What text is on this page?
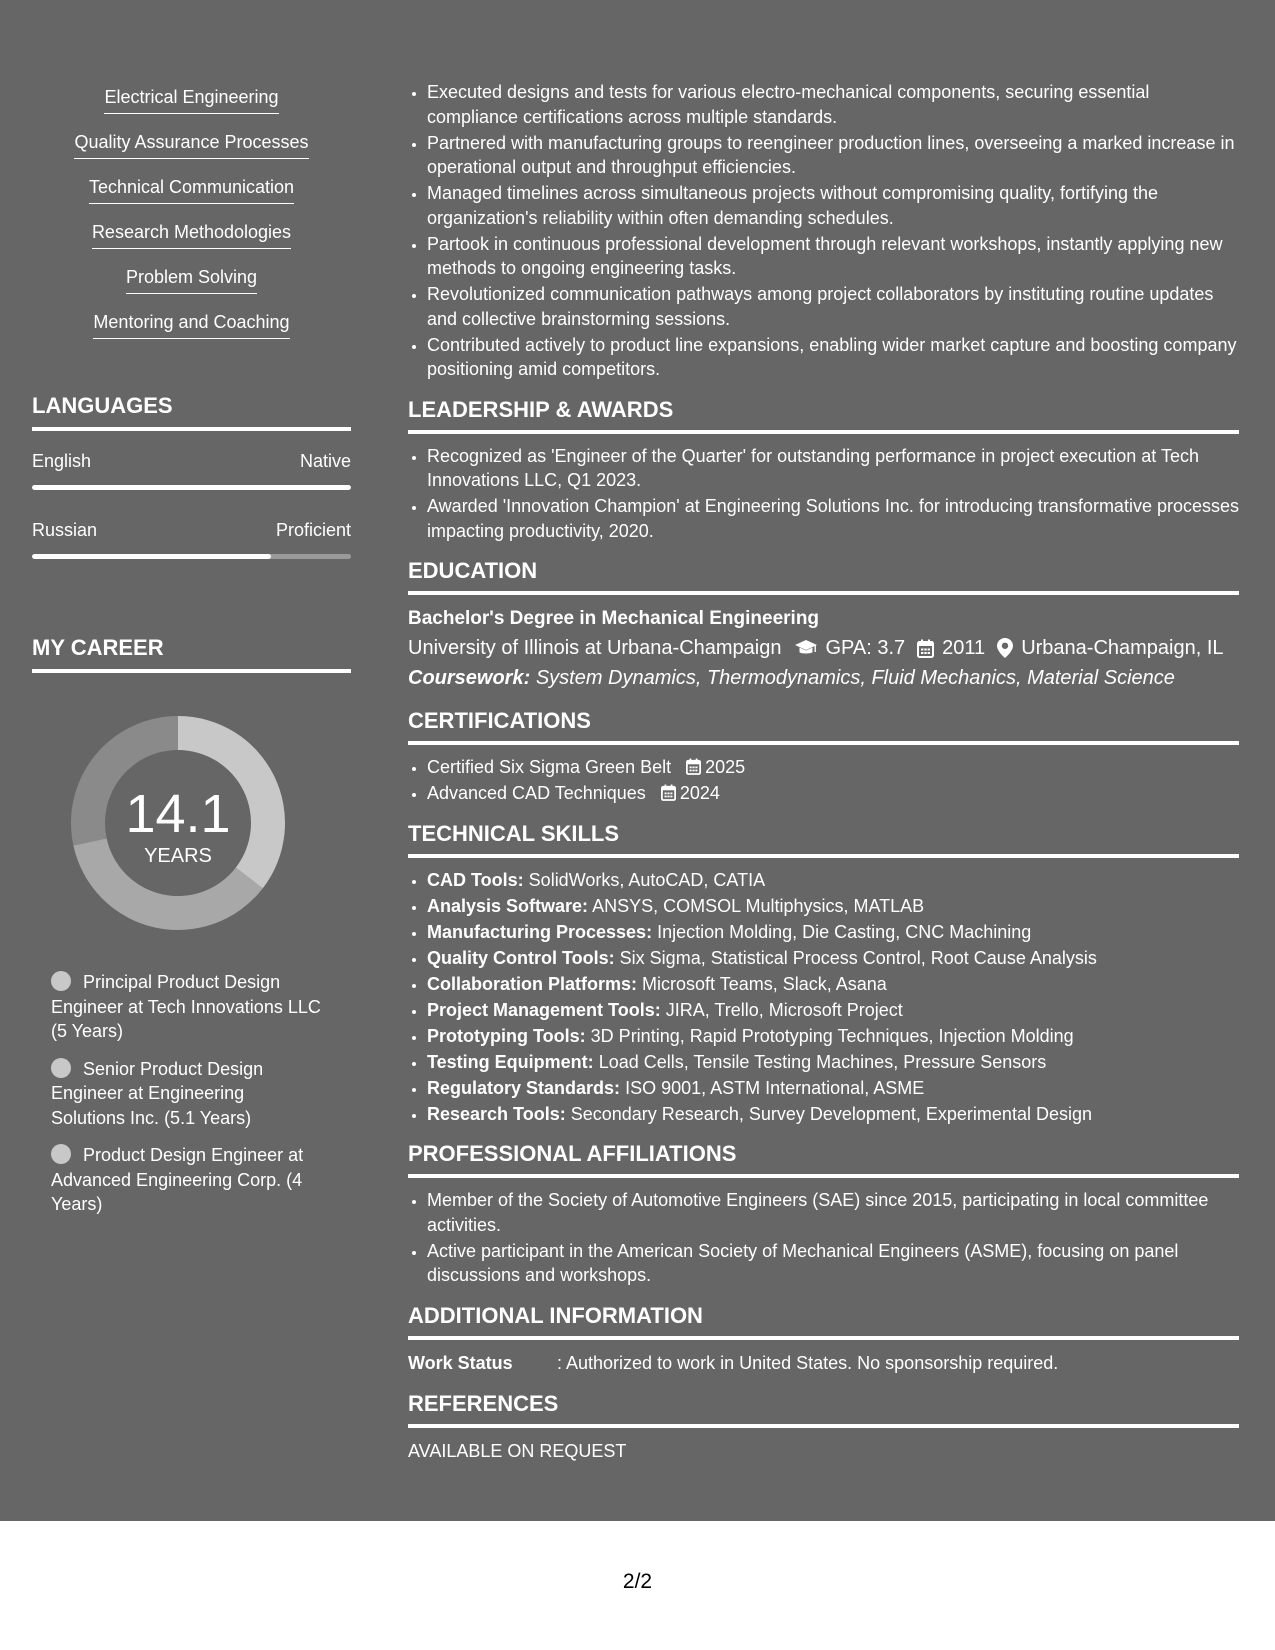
Electrical Engineering
Quality Assurance Processes
Technical Communication
Research Methodologies
Problem Solving
Mentoring and Coaching
LANGUAGES
English	Native
Russian	Proficient
MY CAREER
14.1
YEARS
Principal Product Design Engineer at Tech Innovations LLC (5 Years)
Senior Product Design Engineer at Engineering Solutions Inc. (5.1 Years)
Product Design Engineer at Advanced Engineering Corp. (4 Years)
• Executed designs and tests for various electro-mechanical components, securing essential compliance certifications across multiple standards.
• Partnered with manufacturing groups to reengineer production lines, overseeing a marked increase in operational output and throughput efficiencies.
• Managed timelines across simultaneous projects without compromising quality, fortifying the organization's reliability within often demanding schedules.
• Partook in continuous professional development through relevant workshops, instantly applying new methods to ongoing engineering tasks.
• Revolutionized communication pathways among project collaborators by instituting routine updates and collective brainstorming sessions.
• Contributed actively to product line expansions, enabling wider market capture and boosting company positioning amid competitors.
LEADERSHIP & AWARDS
• Recognized as 'Engineer of the Quarter' for outstanding performance in project execution at Tech Innovations LLC, Q1 2023.
• Awarded 'Innovation Champion' at Engineering Solutions Inc. for introducing transformative processes impacting productivity, 2020.
EDUCATION
Bachelor's Degree in Mechanical Engineering
University of Illinois at Urbana-Champaign GPA: 3.7 2011 Urbana-Champaign, IL
Coursework: System Dynamics, Thermodynamics, Fluid Mechanics, Material Science
CERTIFICATIONS
• Certified Six Sigma Green Belt 2025
• Advanced CAD Techniques 2024
TECHNICAL SKILLS
• CAD Tools: SolidWorks, AutoCAD, CATIA
• Analysis Software: ANSYS, COMSOL Multiphysics, MATLAB
• Manufacturing Processes: Injection Molding, Die Casting, CNC Machining
• Quality Control Tools: Six Sigma, Statistical Process Control, Root Cause Analysis
• Collaboration Platforms: Microsoft Teams, Slack, Asana
• Project Management Tools: JIRA, Trello, Microsoft Project
• Prototyping Tools: 3D Printing, Rapid Prototyping Techniques, Injection Molding
• Testing Equipment: Load Cells, Tensile Testing Machines, Pressure Sensors
• Regulatory Standards: ISO 9001, ASTM International, ASME
• Research Tools: Secondary Research, Survey Development, Experimental Design
PROFESSIONAL AFFILIATIONS
• Member of the Society of Automotive Engineers (SAE) since 2015, participating in local committee activities.
• Active participant in the American Society of Mechanical Engineers (ASME), focusing on panel discussions and workshops.
ADDITIONAL INFORMATION
Work Status	: Authorized to work in United States. No sponsorship required.
REFERENCES
AVAILABLE ON REQUEST
2/2
